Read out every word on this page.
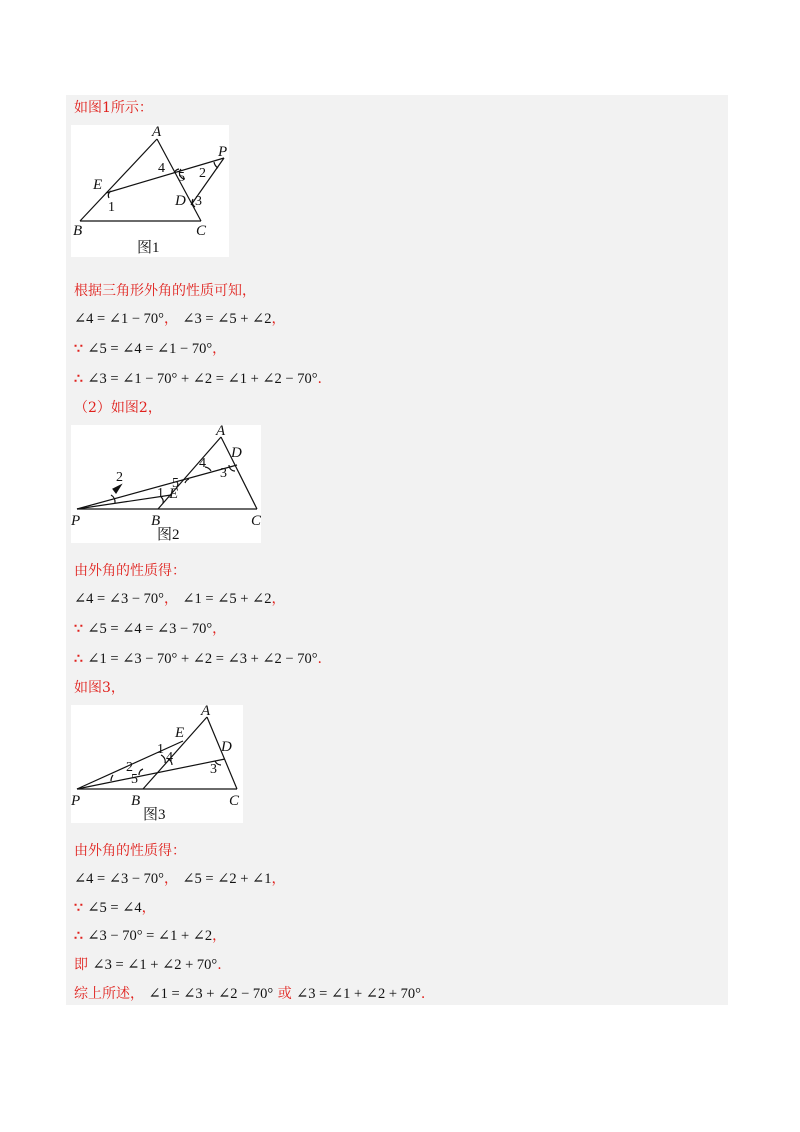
如图1所示：
A
E
P
D
B	C
4
5 2
3
1
图1
根据三角形外角的性质可知，
∠4 = ∠1 − 70°， ∠3 = ∠5 + ∠2，
∵ ∠5 = ∠4 = ∠1 − 70°，
∴ ∠3 = ∠1 − 70° + ∠2 = ∠1 + ∠2 − 70°.
（2）如图2，
A
D
E
P	B	C
2
4
5
1
3
图2
由外角的性质得：
∠4 = ∠3 − 70°， ∠1 = ∠5 + ∠2，
∵ ∠5 = ∠4 = ∠3 − 70°，
∴ ∠1 = ∠3 − 70° + ∠2 = ∠3 + ∠2 − 70°.
如图3，
A
E
D
P	B	C
1
2
4
5
3
图3
由外角的性质得：
∠4 = ∠3 − 70°， ∠5 = ∠2 + ∠1，
∵ ∠5 = ∠4，
∴ ∠3 − 70° = ∠1 + ∠2，
即 ∠3 = ∠1 + ∠2 + 70°.
综上所述， ∠1 = ∠3 + ∠2 − 70° 或 ∠3 = ∠1 + ∠2 + 70°.
